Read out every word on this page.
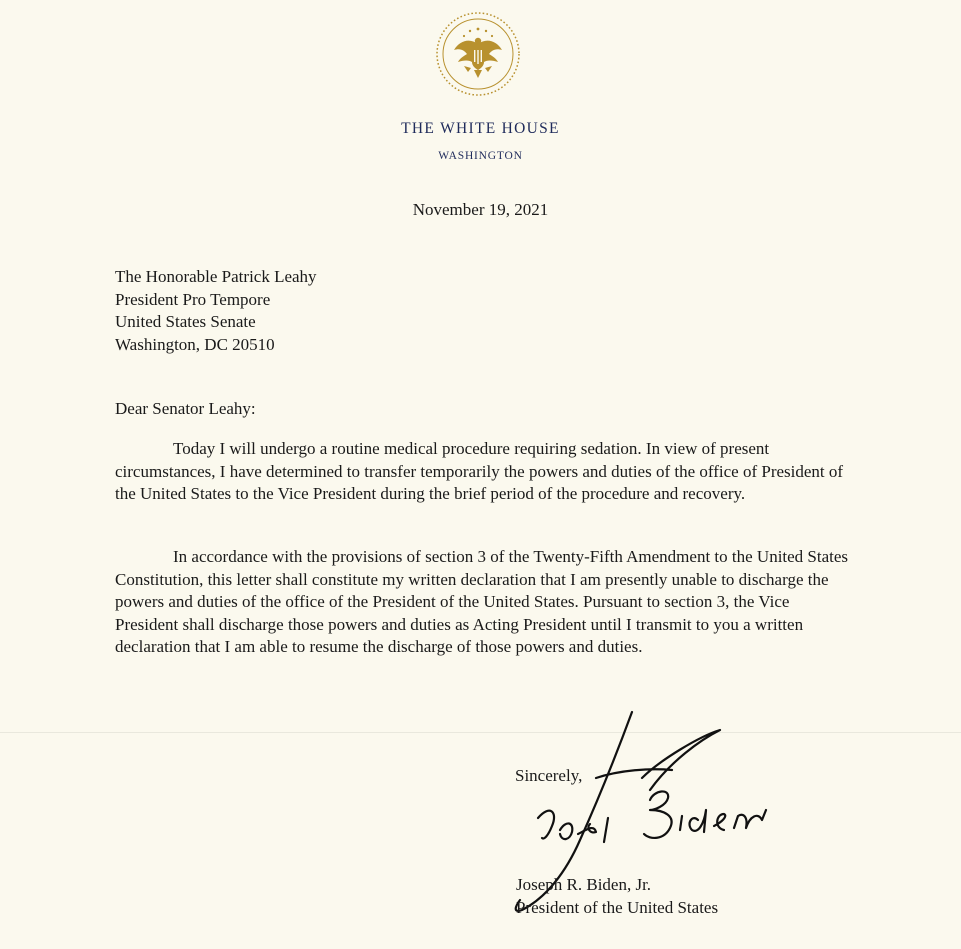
THE WHITE HOUSE
WASHINGTON
November 19, 2021
The Honorable Patrick Leahy
President Pro Tempore
United States Senate
Washington, DC 20510
Dear Senator Leahy:

Today I will undergo a routine medical procedure requiring sedation. In view of present circumstances, I have determined to transfer temporarily the powers and duties of the office of President of the United States to the Vice President during the brief period of the procedure and recovery.

In accordance with the provisions of section 3 of the Twenty-Fifth Amendment to the United States Constitution, this letter shall constitute my written declaration that I am presently unable to discharge the powers and duties of the office of the President of the United States. Pursuant to section 3, the Vice President shall discharge those powers and duties as Acting President until I transmit to you a written declaration that I am able to resume the discharge of those powers and duties.

Sincerely,
Joseph R. Biden, Jr.
President of the United States
